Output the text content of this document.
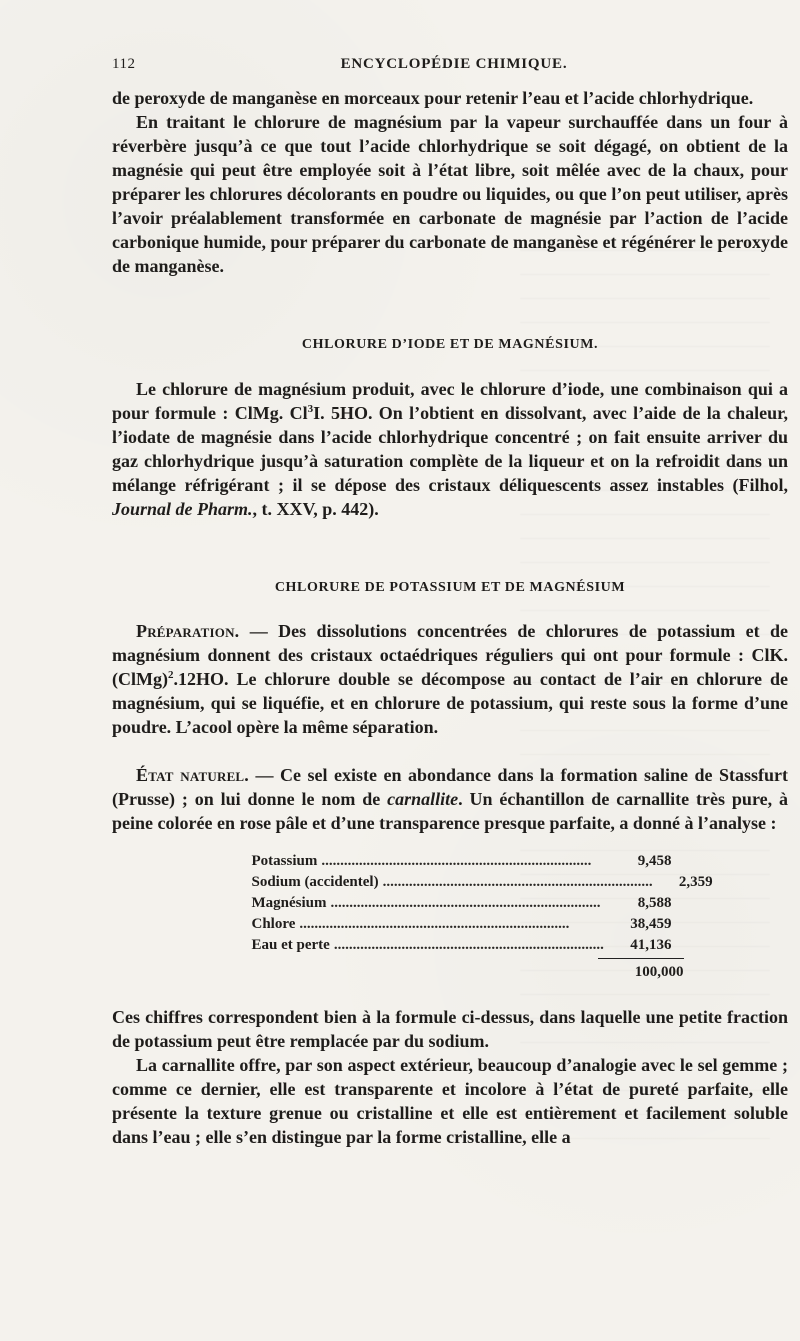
112	ENCYCLOPÉDIE CHIMIQUE.

de peroxyde de manganèse en morceaux pour retenir l’eau et l’acide chlorhydrique.

En traitant le chlorure de magnésium par la vapeur surchauffée dans un four à réverbère jusqu’à ce que tout l’acide chlorhydrique se soit dégagé, on obtient de la magnésie qui peut être employée soit à l’état libre, soit mêlée avec de la chaux, pour préparer les chlorures décolorants en poudre ou liquides, ou que l’on peut utiliser, après l’avoir préalablement transformée en carbonate de magnésie par l’action de l’acide carbonique humide, pour préparer du carbonate de manganèse et régénérer le peroxyde de manganèse.

CHLORURE D’IODE ET DE MAGNÉSIUM.

Le chlorure de magnésium produit, avec le chlorure d’iode, une combinaison qui a pour formule : ClMg. Cl$^3$I. 5HO. On l’obtient en dissolvant, avec l’aide de la chaleur, l’iodate de magnésie dans l’acide chlorhydrique concentré ; on fait ensuite arriver du gaz chlorhydrique jusqu’à saturation complète de la liqueur et on la refroidit dans un mélange réfrigérant ; il se dépose des cristaux déliquescents assez instables (Filhol, Journal de Pharm., t. XXV, p. 442).

CHLORURE DE POTASSIUM ET DE MAGNÉSIUM

Préparation. — Des dissolutions concentrées de chlorures de potassium et de magnésium donnent des cristaux octaédriques réguliers qui ont pour formule : ClK.(ClMg)$^2$.12HO. Le chlorure double se décompose au contact de l’air en chlorure de magnésium, qui se liquéfie, et en chlorure de potassium, qui reste sous la forme d’une poudre. L’acool opère la même séparation.

État naturel. — Ce sel existe en abondance dans la formation saline de Stassfurt (Prusse) ; on lui donne le nom de carnallite. Un échantillon de carnallite très pure, à peine colorée en rose pâle et d’une transparence presque parfaite, a donné à l’analyse :

Potassium ........................................................................	9,458
Sodium (accidentel) ........................................................................	2,359
Magnésium ........................................................................	8,588
Chlore ........................................................................	38,459
Eau et perte ........................................................................	41,136
100,000

Ces chiffres correspondent bien à la formule ci-dessus, dans laquelle une petite fraction de potassium peut être remplacée par du sodium.

La carnallite offre, par son aspect extérieur, beaucoup d’analogie avec le sel gemme ; comme ce dernier, elle est transparente et incolore à l’état de pureté parfaite, elle présente la texture grenue ou cristalline et elle est entièrement et facilement soluble dans l’eau ; elle s’en distingue par la forme cristalline, elle a
